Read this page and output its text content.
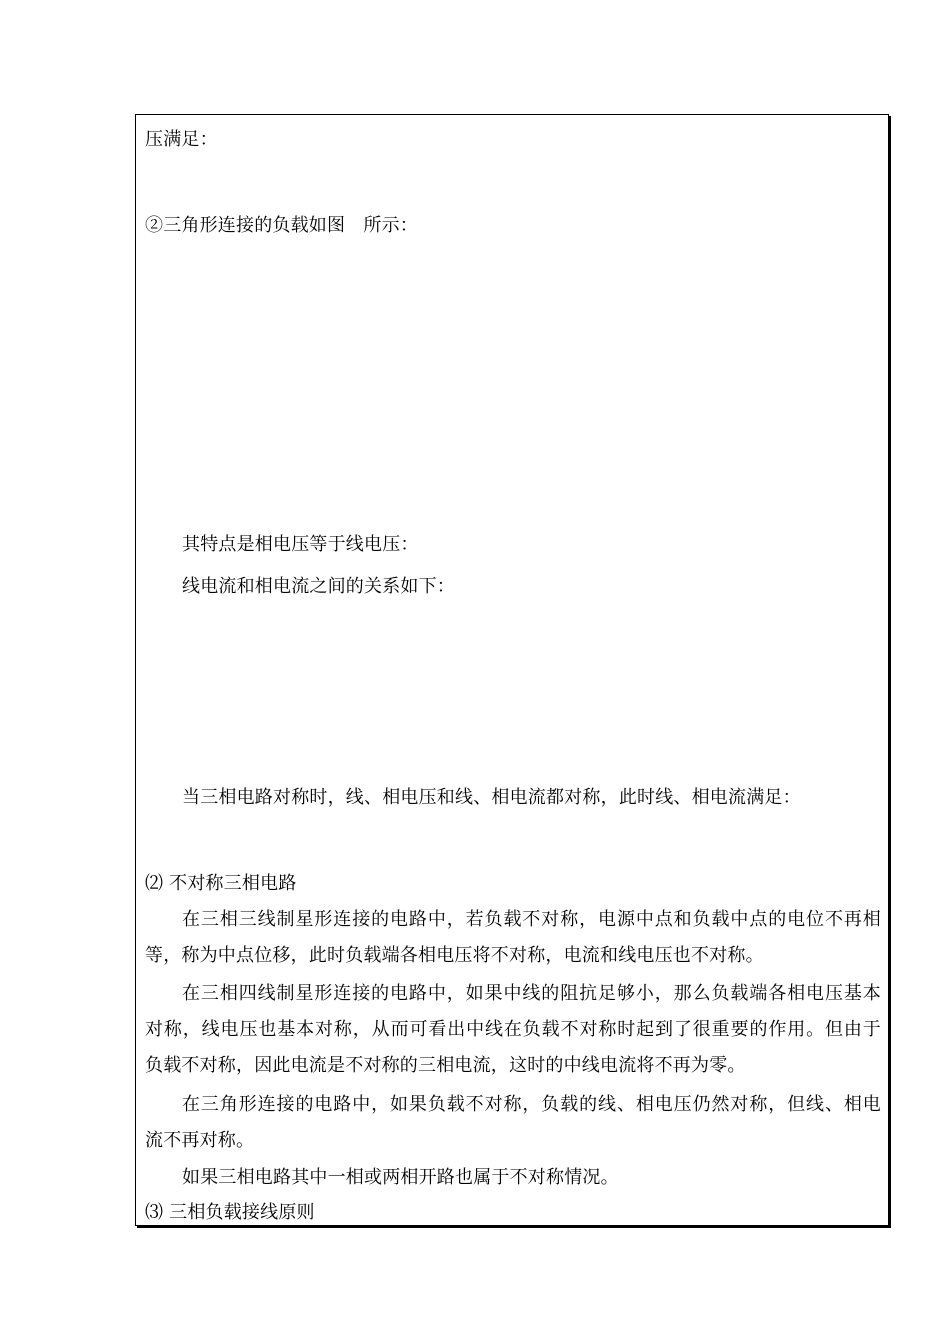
压满足：
②三角形连接的负载如图　所示：
其特点是相电压等于线电压：
线电流和相电流之间的关系如下：
当三相电路对称时，线、相电压和线、相电流都对称，此时线、相电流满足：
⑵ 不对称三相电路
在三相三线制星形连接的电路中，若负载不对称，电源中点和负载中点的电位不再相
等，称为中点位移，此时负载端各相电压将不对称，电流和线电压也不对称。
在三相四线制星形连接的电路中，如果中线的阻抗足够小，那么负载端各相电压基本
对称，线电压也基本对称，从而可看出中线在负载不对称时起到了很重要的作用。但由于
负载不对称，因此电流是不对称的三相电流，这时的中线电流将不再为零。
在三角形连接的电路中，如果负载不对称，负载的线、相电压仍然对称，但线、相电
流不再对称。
如果三相电路其中一相或两相开路也属于不对称情况。
⑶ 三相负载接线原则
